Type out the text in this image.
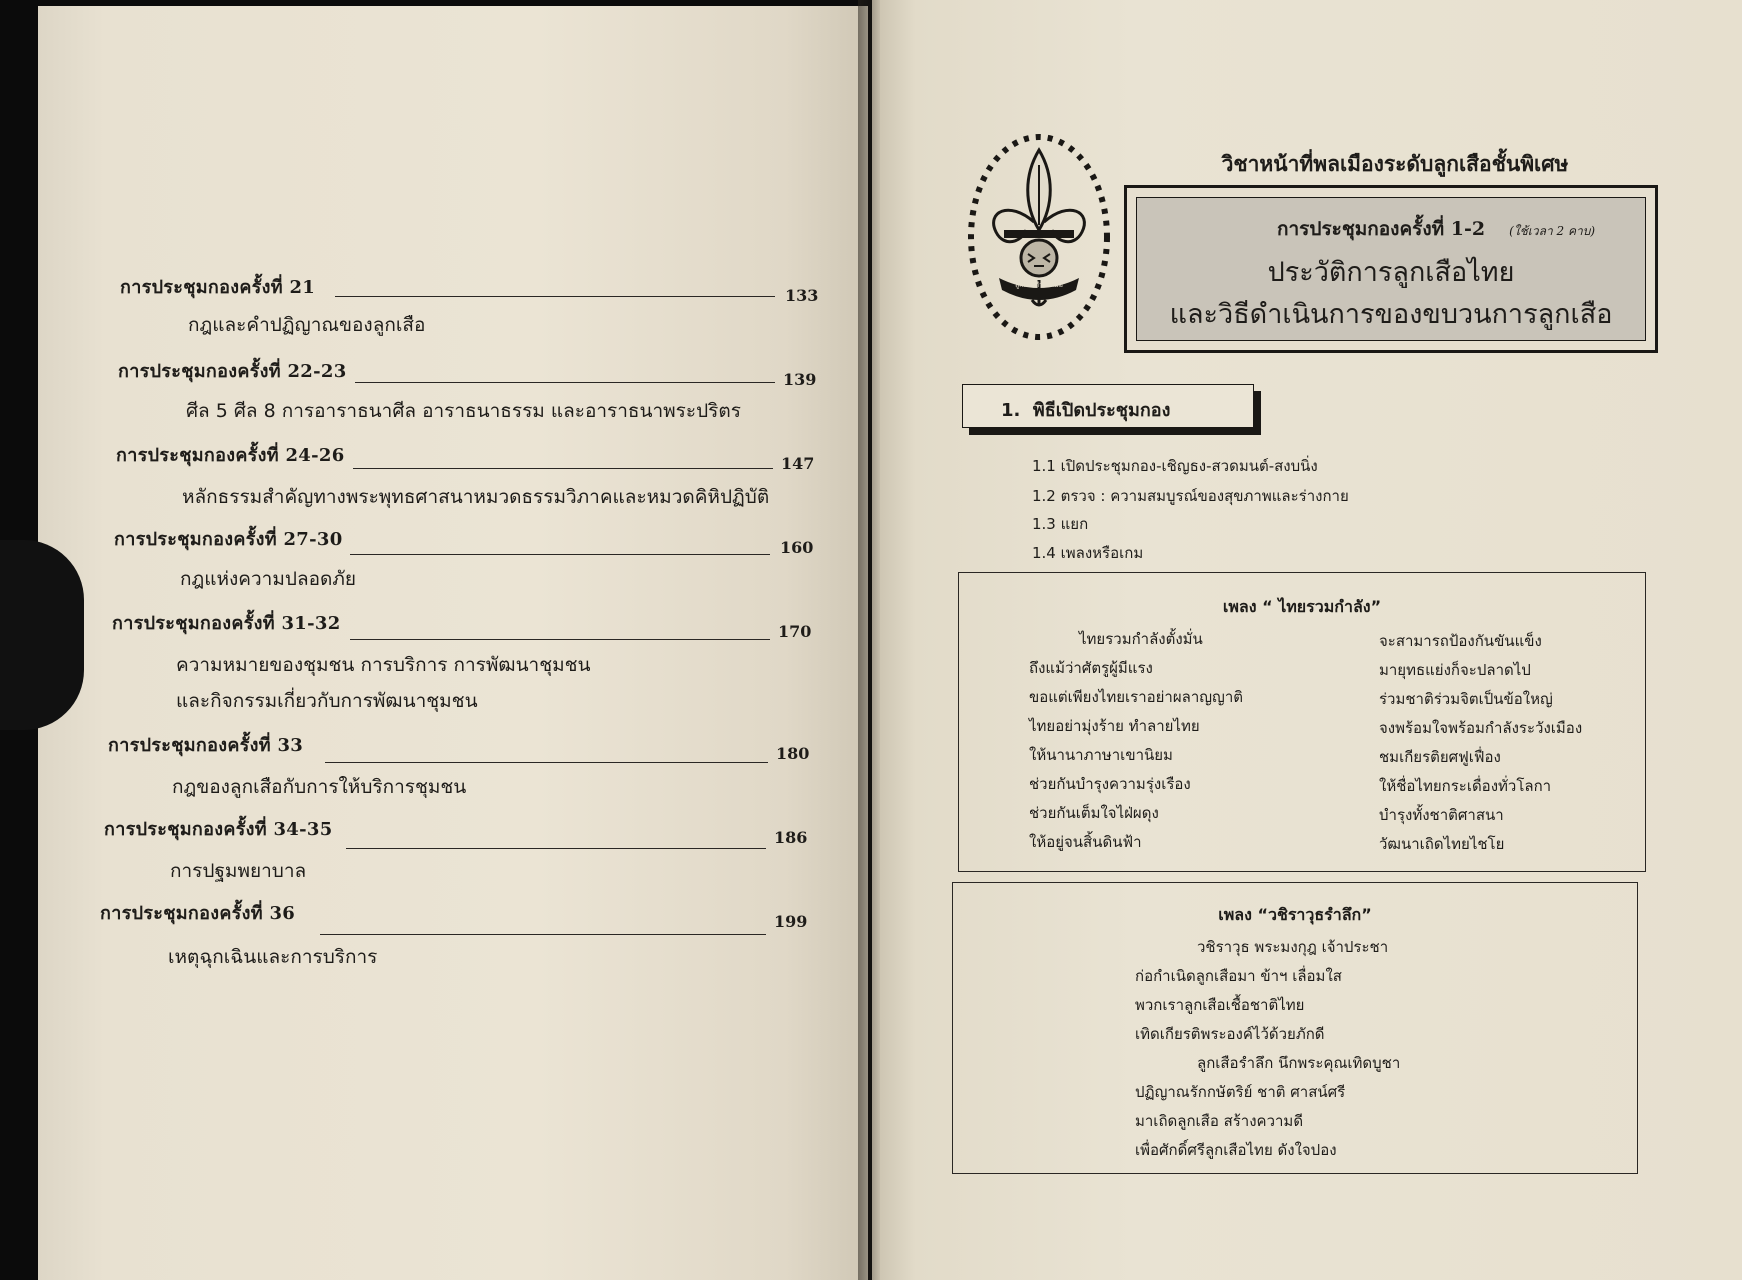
การประชุมกองครั้งที่ 21	133
กฎและคำปฏิญาณของลูกเสือ
การประชุมกองครั้งที่ 22-23	139
ศีล 5 ศีล 8 การอาราธนาศีล อาราธนาธรรม และอาราธนาพระปริตร
การประชุมกองครั้งที่ 24-26	147
หลักธรรมสำคัญทางพระพุทธศาสนาหมวดธรรมวิภาคและหมวดคิหิปฏิบัติ
การประชุมกองครั้งที่ 27-30	160
กฎแห่งความปลอดภัย
การประชุมกองครั้งที่ 31-32	170
ความหมายของชุมชน การบริการ การพัฒนาชุมชน
และกิจกรรมเกี่ยวกับการพัฒนาชุมชน
การประชุมกองครั้งที่ 33	180
กฎของลูกเสือกับการให้บริการชุมชน
การประชุมกองครั้งที่ 34-35	186
การปฐมพยาบาล
การประชุมกองครั้งที่ 36	199
เหตุฉุกเฉินและการบริการ
วิชาหน้าที่พลเมืองระดับลูกเสือชั้นพิเศษ
ลูกเสือทำดีเสมอ
การประชุมกองครั้งที่ 1-2 (ใช้เวลา 2 คาบ)
ประวัติการลูกเสือไทย
และวิธีดำเนินการของขบวนการลูกเสือ
1. พิธีเปิดประชุมกอง
1.1 เปิดประชุมกอง-เชิญธง-สวดมนต์-สงบนิ่ง
1.2 ตรวจ : ความสมบูรณ์ของสุขภาพและร่างกาย
1.3 แยก
1.4 เพลงหรือเกม
เพลง “ ไทยรวมกำลัง”
ไทยรวมกำลังตั้งมั่น
ถึงแม้ว่าศัตรูผู้มีแรง
ขอแต่เพียงไทยเราอย่าผลาญญาติ
ไทยอย่ามุ่งร้าย ทำลายไทย
ให้นานาภาษาเขานิยม
ช่วยกันบำรุงความรุ่งเรือง
ช่วยกันเต็มใจไฝ่ผดุง
ให้อยู่จนสิ้นดินฟ้า
จะสามารถป้องกันขันแข็ง
มายุทธแย่งก็จะปลาดไป
ร่วมชาติร่วมจิตเป็นข้อใหญ่
จงพร้อมใจพร้อมกำลังระวังเมือง
ชมเกียรติยศฟูเฟื่อง
ให้ชื่อไทยกระเดื่องทั่วโลกา
บำรุงทั้งชาติศาสนา
วัฒนาเถิดไทยไชโย
เพลง “วชิราวุธรำลึก”
วชิราวุธ พระมงกุฎ เจ้าประชา
ก่อกำเนิดลูกเสือมา ข้าฯ เลื่อมใส
พวกเราลูกเสือเชื้อชาติไทย
เทิดเกียรติพระองค์ไว้ด้วยภักดี
ลูกเสือรำลึก นึกพระคุณเทิดบูชา
ปฏิญาณรักกษัตริย์ ชาติ ศาสน์ศรี
มาเถิดลูกเสือ สร้างความดี
เพื่อศักดิ์ศรีลูกเสือไทย ดังใจปอง
